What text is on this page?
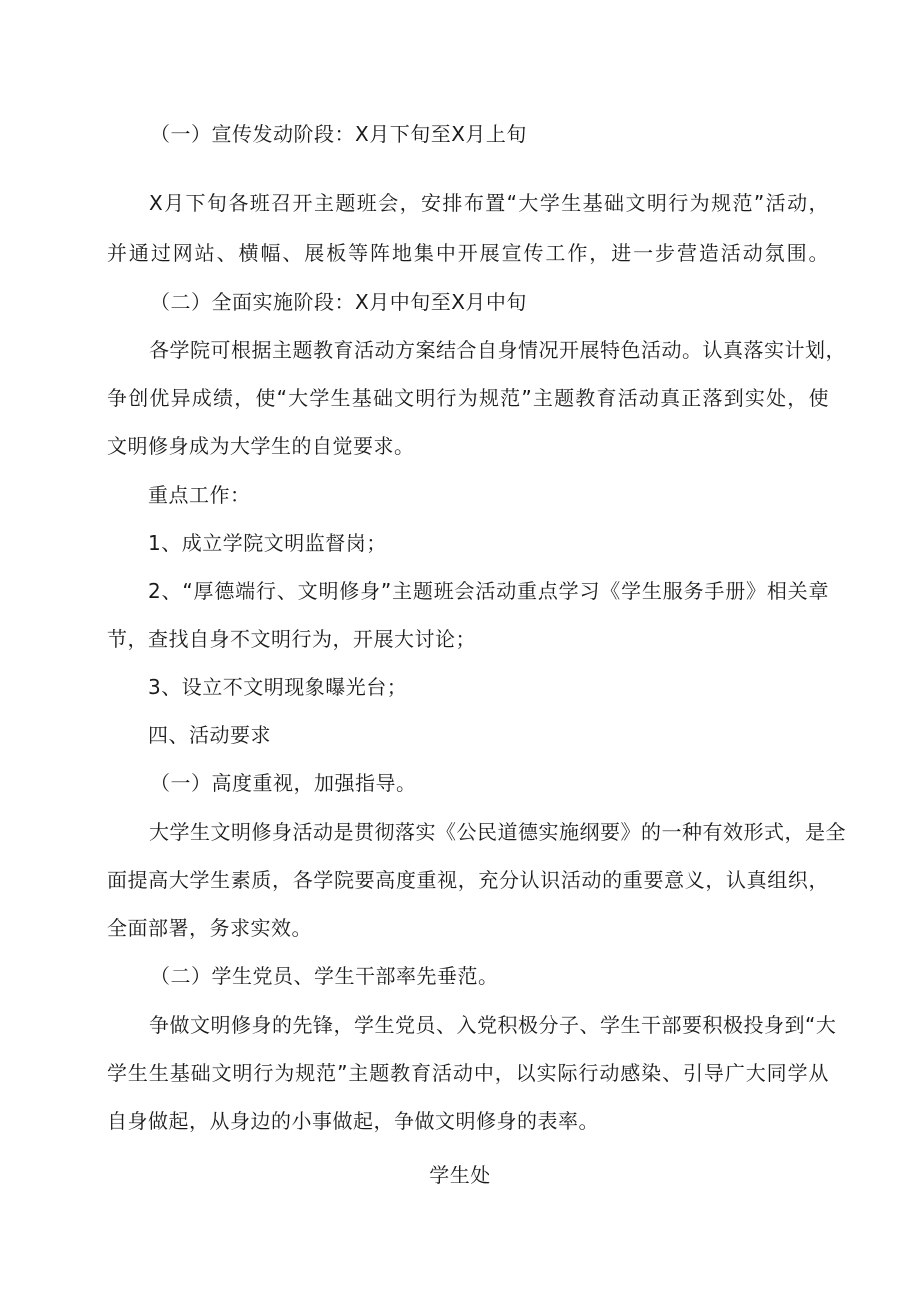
（一）宣传发动阶段：X月下旬至X月上旬
X月下旬各班召开主题班会，安排布置“大学生基础文明行为规范”活动，
并通过网站、横幅、展板等阵地集中开展宣传工作，进一步营造活动氛围。
（二）全面实施阶段：X月中旬至X月中旬
各学院可根据主题教育活动方案结合自身情况开展特色活动。认真落实计划，
争创优异成绩，使“大学生基础文明行为规范”主题教育活动真正落到实处，使
文明修身成为大学生的自觉要求。
重点工作：
1、成立学院文明监督岗；
2、“厚德端行、文明修身”主题班会活动重点学习《学生服务手册》相关章
节，查找自身不文明行为，开展大讨论；
3、设立不文明现象曝光台；
四、活动要求
（一）高度重视，加强指导。
大学生文明修身活动是贯彻落实《公民道德实施纲要》的一种有效形式，是全
面提高大学生素质，各学院要高度重视，充分认识活动的重要意义，认真组织，
全面部署，务求实效。
（二）学生党员、学生干部率先垂范。
争做文明修身的先锋，学生党员、入党积极分子、学生干部要积极投身到“大
学生生基础文明行为规范”主题教育活动中，以实际行动感染、引导广大同学从
自身做起，从身边的小事做起，争做文明修身的表率。
学生处
